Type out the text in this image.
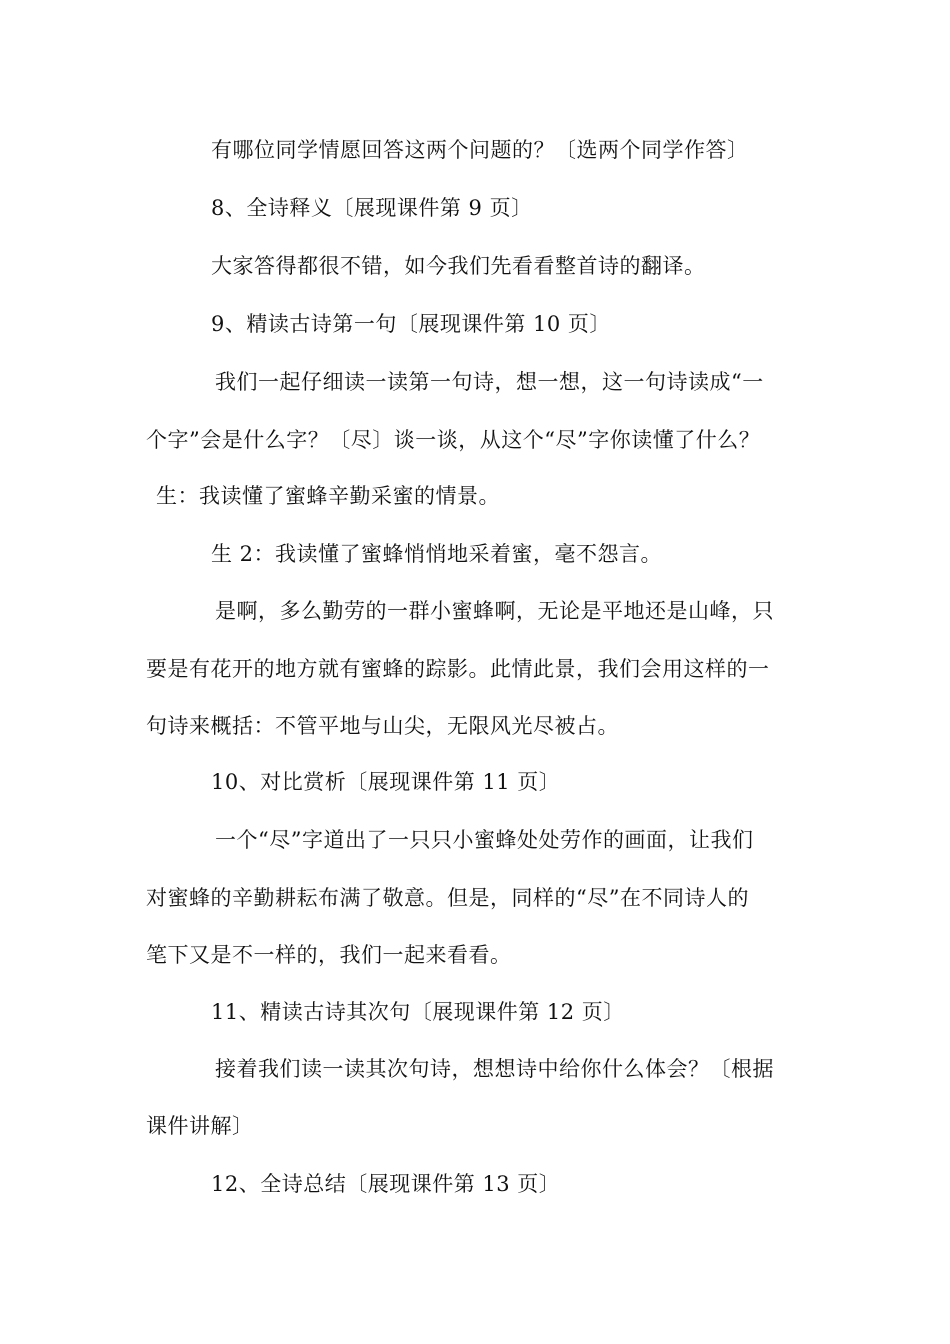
有哪位同学情愿回答这两个问题的？〔选两个同学作答〕
8、全诗释义〔展现课件第 9 页〕
大家答得都很不错，如今我们先看看整首诗的翻译。
9、精读古诗第一句〔展现课件第 10 页〕
我们一起仔细读一读第一句诗，想一想，这一句诗读成“一
个字”会是什么字？〔尽〕谈一谈，从这个“尽”字你读懂了什么？
生：我读懂了蜜蜂辛勤采蜜的情景。
生 2：我读懂了蜜蜂悄悄地采着蜜，毫不怨言。
是啊，多么勤劳的一群小蜜蜂啊，无论是平地还是山峰，只
要是有花开的地方就有蜜蜂的踪影。此情此景，我们会用这样的一
句诗来概括：不管平地与山尖，无限风光尽被占。
10、对比赏析〔展现课件第 11 页〕
一个“尽”字道出了一只只小蜜蜂处处劳作的画面，让我们
对蜜蜂的辛勤耕耘布满了敬意。但是，同样的“尽”在不同诗人的
笔下又是不一样的，我们一起来看看。
11、精读古诗其次句〔展现课件第 12 页〕
接着我们读一读其次句诗，想想诗中给你什么体会？〔根据
课件讲解〕
12、全诗总结〔展现课件第 13 页〕
